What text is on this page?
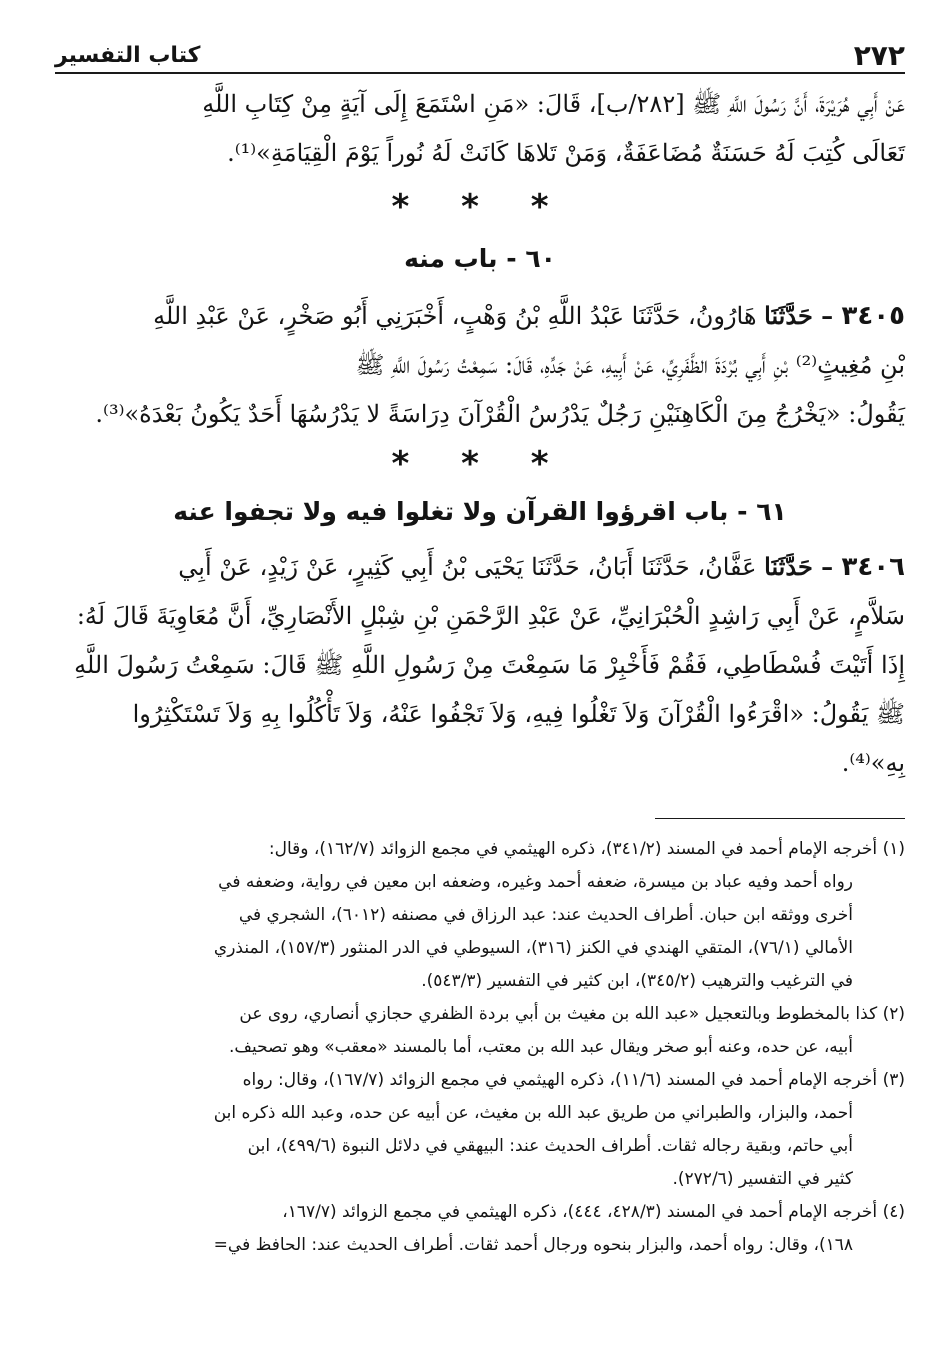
٢٧٢
كتاب التفسير
عَنْ أَبِي هُرَيْرَةَ، أَنَّ رَسُولَ اللَّهِ ﷺ [٢٨٢/ب]، قَالَ: «مَنِ اسْتَمَعَ إِلَى آيَةٍ مِنْ كِتَابِ اللَّهِ
تَعَالَى كُتِبَ لَهُ حَسَنَةٌ مُضَاعَفَةٌ، وَمَنْ تَلاهَا كَانَتْ لَهُ نُوراً يَوْمَ الْقِيَامَةِ»⁽¹⁾.
* * *
٦٠ - باب منه
٣٤٠٥ – حَدَّثَنَا هَارُونُ، حَدَّثَنَا عَبْدُ اللَّهِ بْنُ وَهْبٍ، أَخْبَرَنِي أَبُو صَخْرٍ، عَنْ عَبْدِ اللَّهِ
بْنِ مُغِيثٍ⁽²⁾ بْنِ أَبِي بُرْدَةَ الظَّفَرِيِّ، عَنْ أَبِيهِ، عَنْ جَدِّهِ، قَالَ: سَمِعْتُ رَسُولَ اللَّهِ ﷺ
يَقُولُ: «يَخْرُجُ مِنَ الْكَاهِنَيْنِ رَجُلٌ يَدْرُسُ الْقُرْآنَ دِرَاسَةً لا يَدْرُسُهَا أَحَدٌ يَكُونُ بَعْدَهُ»⁽³⁾.
* * *
٦١ - باب اقرؤوا القرآن ولا تغلوا فيه ولا تجفوا عنه
٣٤٠٦ – حَدَّثَنَا عَفَّانُ، حَدَّثَنَا أَبَانُ، حَدَّثَنَا يَحْيَى بْنُ أَبِي كَثِيرٍ، عَنْ زَيْدٍ، عَنْ أَبِي
سَلاَّمٍ، عَنْ أَبِي رَاشِدٍ الْحُبْرَانِيِّ، عَنْ عَبْدِ الرَّحْمَنِ بْنِ شِبْلٍ الأَنْصَارِيِّ، أَنَّ مُعَاوِيَةَ قَالَ لَهُ:
إِذَا أَتَيْتَ فُسْطَاطِي، فَقُمْ فَأَخْبِرْ مَا سَمِعْتَ مِنْ رَسُولِ اللَّهِ ﷺ قَالَ: سَمِعْتُ رَسُولَ اللَّهِ
ﷺ يَقُولُ: «اقْرَءُوا الْقُرْآنَ وَلاَ تَغْلُوا فِيهِ، وَلاَ تَجْفُوا عَنْهُ، وَلاَ تَأْكُلُوا بِهِ وَلاَ تَسْتَكْثِرُوا
بِهِ»⁽⁴⁾.
(١) أخرجه الإمام أحمد في المسند (٣٤١/٢)، ذكره الهيثمي في مجمع الزوائد (١٦٢/٧)، وقال:
رواه أحمد وفيه عباد بن ميسرة، ضعفه أحمد وغيره، وضعفه ابن معين في رواية، وضعفه في
أخرى ووثقه ابن حبان. أطراف الحديث عند: عبد الرزاق في مصنفه (٦٠١٢)، الشجري في
الأمالي (٧٦/١)، المتقي الهندي في الكنز (٣١٦)، السيوطي في الدر المنثور (١٥٧/٣)، المنذري
في الترغيب والترهيب (٣٤٥/٢)، ابن كثير في التفسير (٥٤٣/٣).
(٢) كذا بالمخطوط وبالتعجيل «عبد الله بن مغيث بن أبي بردة الظفري حجازي أنصاري، روى عن
أبيه، عن حده، وعنه أبو صخر ويقال عبد الله بن معتب، أما بالمسند «معقب» وهو تصحيف.
(٣) أخرجه الإمام أحمد في المسند (١١/٦)، ذكره الهيثمي في مجمع الزوائد (١٦٧/٧)، وقال: رواه
أحمد، والبزار، والطبراني من طريق عبد الله بن مغيث، عن أبيه عن حده، وعبد الله ذكره ابن
أبي حاتم، وبقية رجاله ثقات. أطراف الحديث عند: البيهقي في دلائل النبوة (٤٩٩/٦)، ابن
كثير في التفسير (٢٧٢/٦).
(٤) أخرجه الإمام أحمد في المسند (٤٢٨/٣، ٤٤٤)، ذكره الهيثمي في مجمع الزوائد (١٦٧/٧،
١٦٨)، وقال: رواه أحمد، والبزار بنحوه ورجال أحمد ثقات. أطراف الحديث عند: الحافظ في=
